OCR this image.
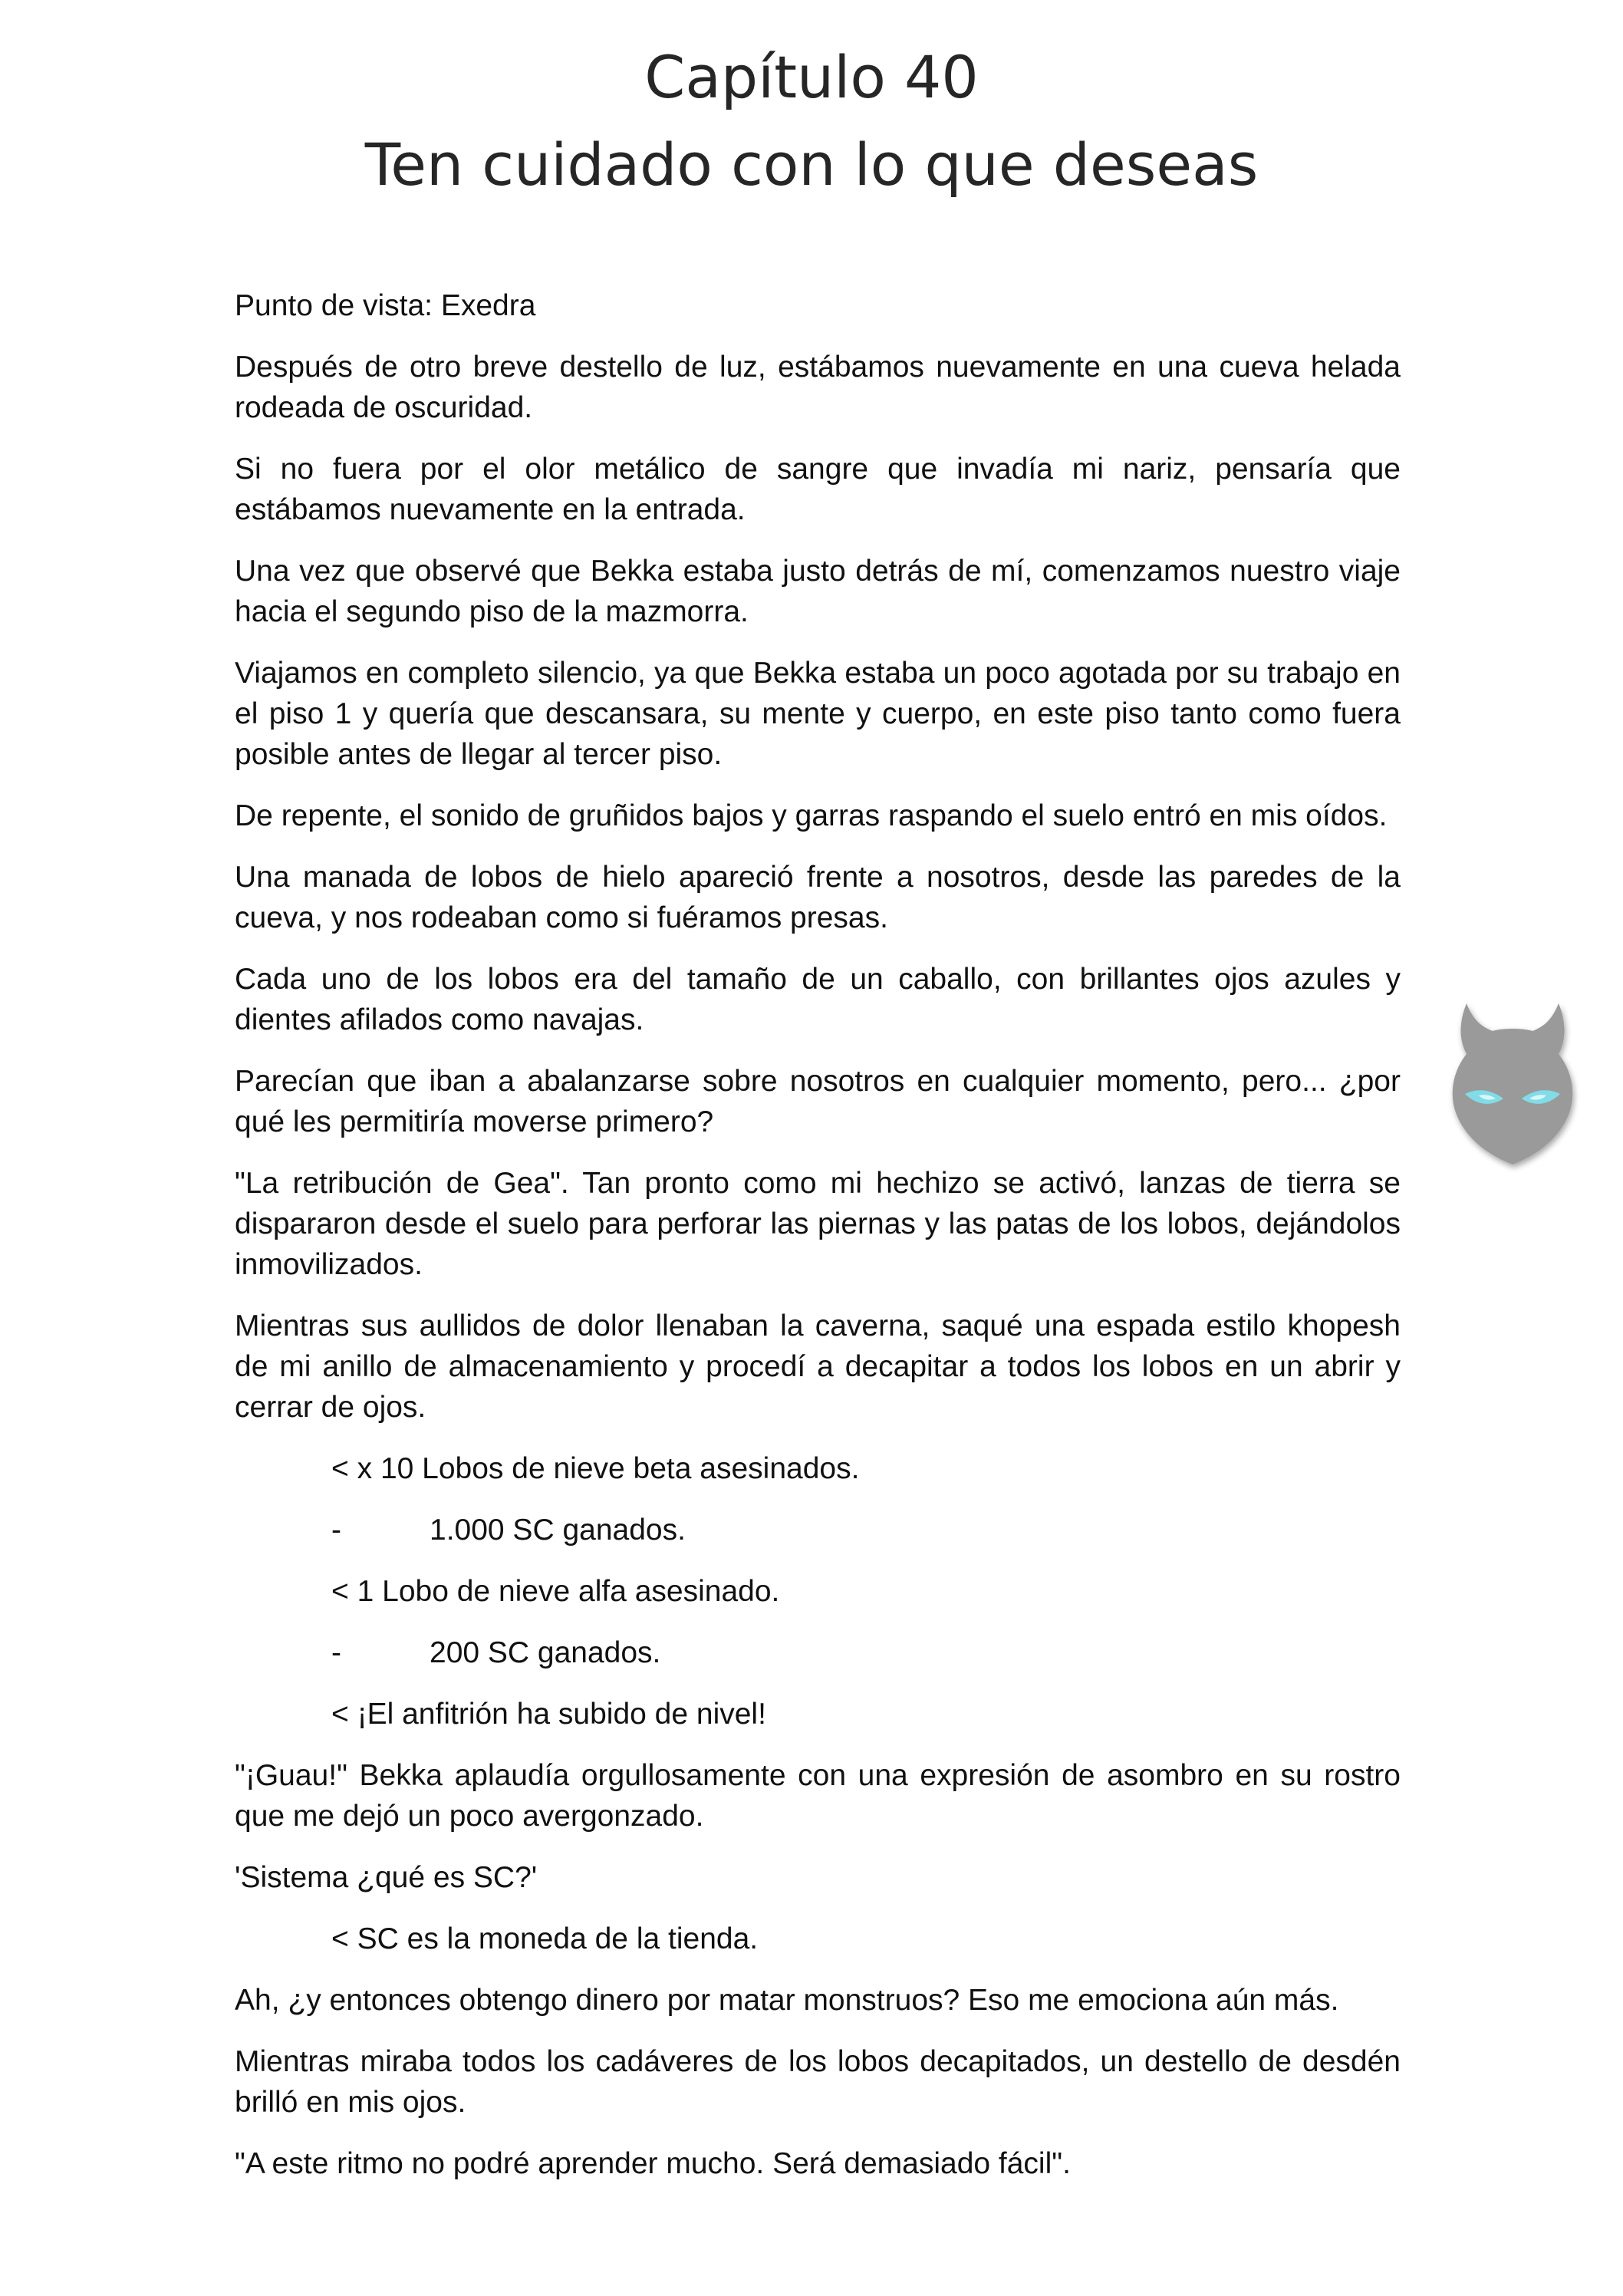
Capítulo 40
Ten cuidado con lo que deseas

Punto de vista: Exedra

Después de otro breve destello de luz, estábamos nuevamente en una cueva helada rodeada de oscuridad.

Si no fuera por el olor metálico de sangre que invadía mi nariz, pensaría que estábamos nuevamente en la entrada.

Una vez que observé que Bekka estaba justo detrás de mí, comenzamos nuestro viaje hacia el segundo piso de la mazmorra.

Viajamos en completo silencio, ya que Bekka estaba un poco agotada por su trabajo en el piso 1 y quería que descansara, su mente y cuerpo, en este piso tanto como fuera posible antes de llegar al tercer piso.

De repente, el sonido de gruñidos bajos y garras raspando el suelo entró en mis oídos.

Una manada de lobos de hielo apareció frente a nosotros, desde las paredes de la cueva, y nos rodeaban como si fuéramos presas.

Cada uno de los lobos era del tamaño de un caballo, con brillantes ojos azules y dientes afilados como navajas.

Parecían que iban a abalanzarse sobre nosotros en cualquier momento, pero... ¿por qué les permitiría moverse primero?

"La retribución de Gea". Tan pronto como mi hechizo se activó, lanzas de tierra se dispararon desde el suelo para perforar las piernas y las patas de los lobos, dejándolos inmovilizados.

Mientras sus aullidos de dolor llenaban la caverna, saqué una espada estilo khopesh de mi anillo de almacenamiento y procedí a decapitar a todos los lobos en un abrir y cerrar de ojos.

< x 10 Lobos de nieve beta asesinados.

-	1.000 SC ganados.

< 1 Lobo de nieve alfa asesinado.

-	200 SC ganados.

< ¡El anfitrión ha subido de nivel!

"¡Guau!" Bekka aplaudía orgullosamente con una expresión de asombro en su rostro que me dejó un poco avergonzado.

'Sistema ¿qué es SC?'

< SC es la moneda de la tienda.

Ah, ¿y entonces obtengo dinero por matar monstruos? Eso me emociona aún más.

Mientras miraba todos los cadáveres de los lobos decapitados, un destello de desdén brilló en mis ojos.

"A este ritmo no podré aprender mucho. Será demasiado fácil".
